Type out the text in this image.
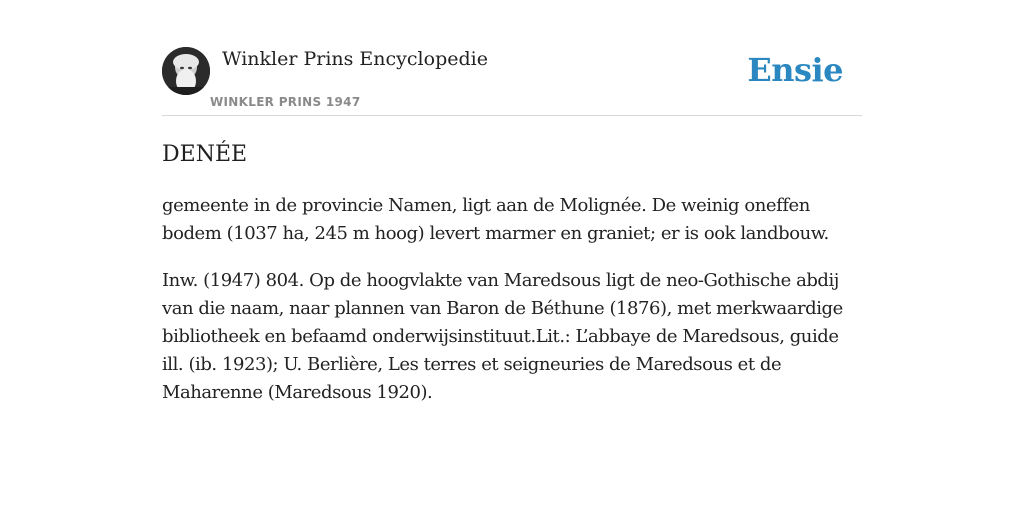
Winkler Prins Encyclopedie
WINKLER PRINS 1947
Ensie
DENÉE

gemeente in de provincie Namen, ligt aan de Molignée. De weinig oneffen bodem (1037 ha, 245 m hoog) levert marmer en graniet; er is ook landbouw.

Inw. (1947) 804. Op de hoogvlakte van Maredsous ligt de neo-Gothische abdij van die naam, naar plannen van Baron de Béthune (1876), met merkwaardige bibliotheek en befaamd onderwijsinstituut.Lit.: L’abbaye de Maredsous, guide ill. (ib. 1923); U. Berlière, Les terres et seigneuries de Maredsous et de Maharenne (Maredsous 1920).
